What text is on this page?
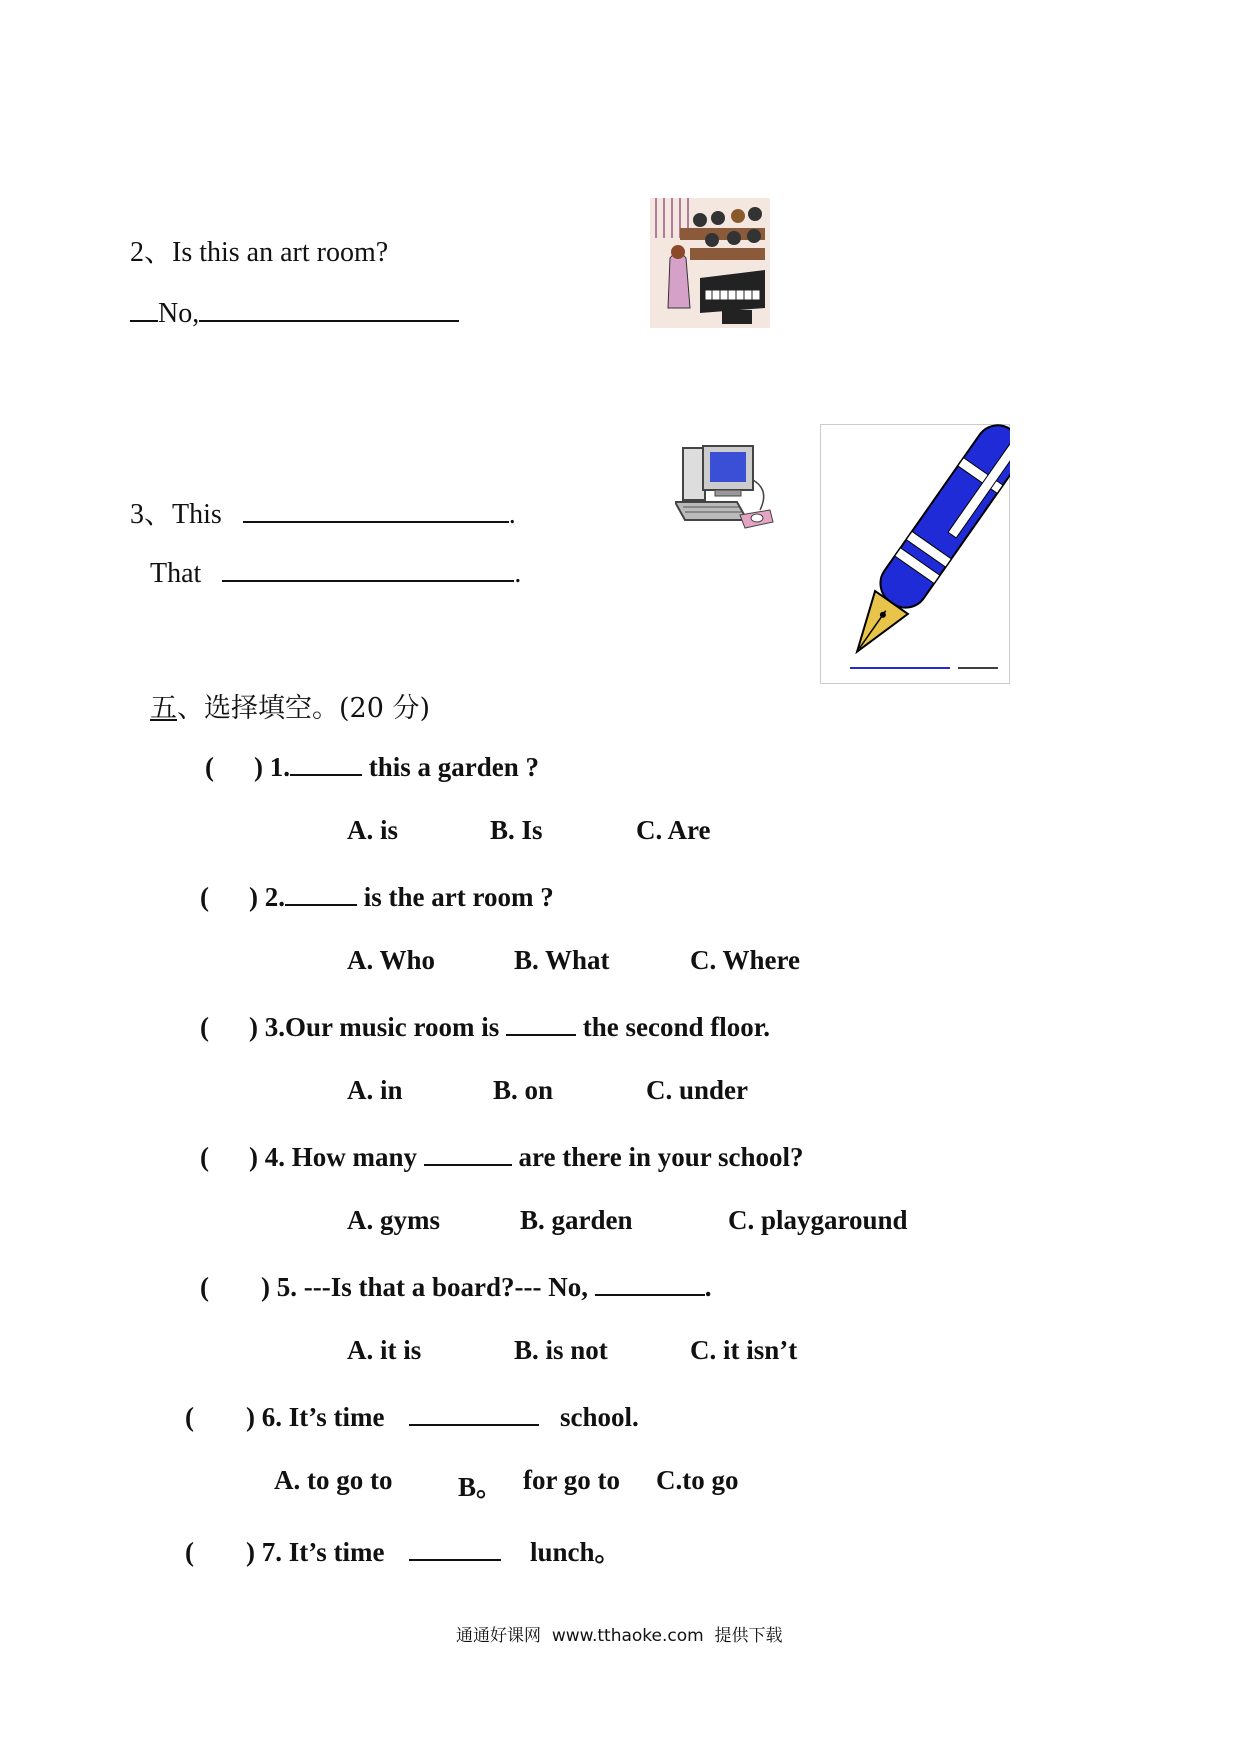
2、Is this an art room?
No,
3、This	.
That	.
五、选择填空。(20 分)
( ) 1.	this a garden ?
A. is	B. Is	C. Are
( ) 2.	is the art room ?
A. Who	B. What	C. Where
( ) 3.Our music room is	the second floor.
A. in	B. on	C. under
( ) 4. How many	are there in your school?
A. gyms	B. garden	C. playgaround
( ) 5. ---Is that a board?--- No,	.
A. it is	B. is not	C. it isn’t
( ) 6. It’s time	school.
A. to go to B。 for go to C.to go
( ) 7. It’s time	lunch。
通通好课网 www.tthaoke.com 提供下载
